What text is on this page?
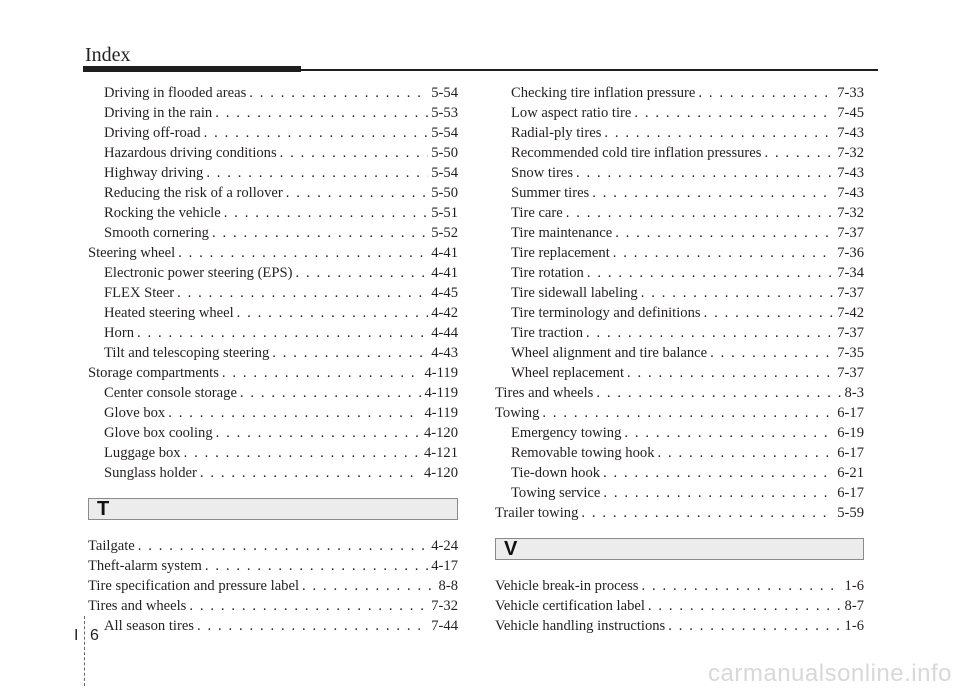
Index
Driving in flooded areas . . .	5-54
Driving in the rain . . .	5-53
Driving off-road . . .	5-54
Hazardous driving conditions . . .	5-50
Highway driving . . .	5-54
Reducing the risk of a rollover . . .	5-50
Rocking the vehicle . . .	5-51
Smooth cornering . . .	5-52
Steering wheel . . .	4-41
Electronic power steering (EPS) . . .	4-41
FLEX Steer . . .	4-45
Heated steering wheel . . .	4-42
Horn . . .	4-44
Tilt and telescoping steering . . .	4-43
Storage compartments . . .	4-119
Center console storage . . .	4-119
Glove box . . .	4-119
Glove box cooling . . .	4-120
Luggage box . . .	4-121
Sunglass holder . . .	4-120
T
Tailgate . . .	4-24
Theft-alarm system . . .	4-17
Tire specification and pressure label . . .	8-8
Tires and wheels . . .	7-32
All season tires . . .	7-44
Checking tire inflation pressure . . .	7-33
Low aspect ratio tire . . .	7-45
Radial-ply tires . . .	7-43
Recommended cold tire inflation pressures . . .	7-32
Snow tires . . .	7-43
Summer tires . . .	7-43
Tire care . . .	7-32
Tire maintenance . . .	7-37
Tire replacement . . .	7-36
Tire rotation . . .	7-34
Tire sidewall labeling . . .	7-37
Tire terminology and definitions . . .	7-42
Tire traction . . .	7-37
Wheel alignment and tire balance . . .	7-35
Wheel replacement . . .	7-37
Tires and wheels . . .	8-3
Towing . . .	6-17
Emergency towing . . .	6-19
Removable towing hook . . .	6-17
Tie-down hook . . .	6-21
Towing service . . .	6-17
Trailer towing . . .	5-59
V
Vehicle break-in process . . .	1-6
Vehicle certification label . . .	8-7
Vehicle handling instructions . . .	1-6
I 6
carmanualsonline.info
